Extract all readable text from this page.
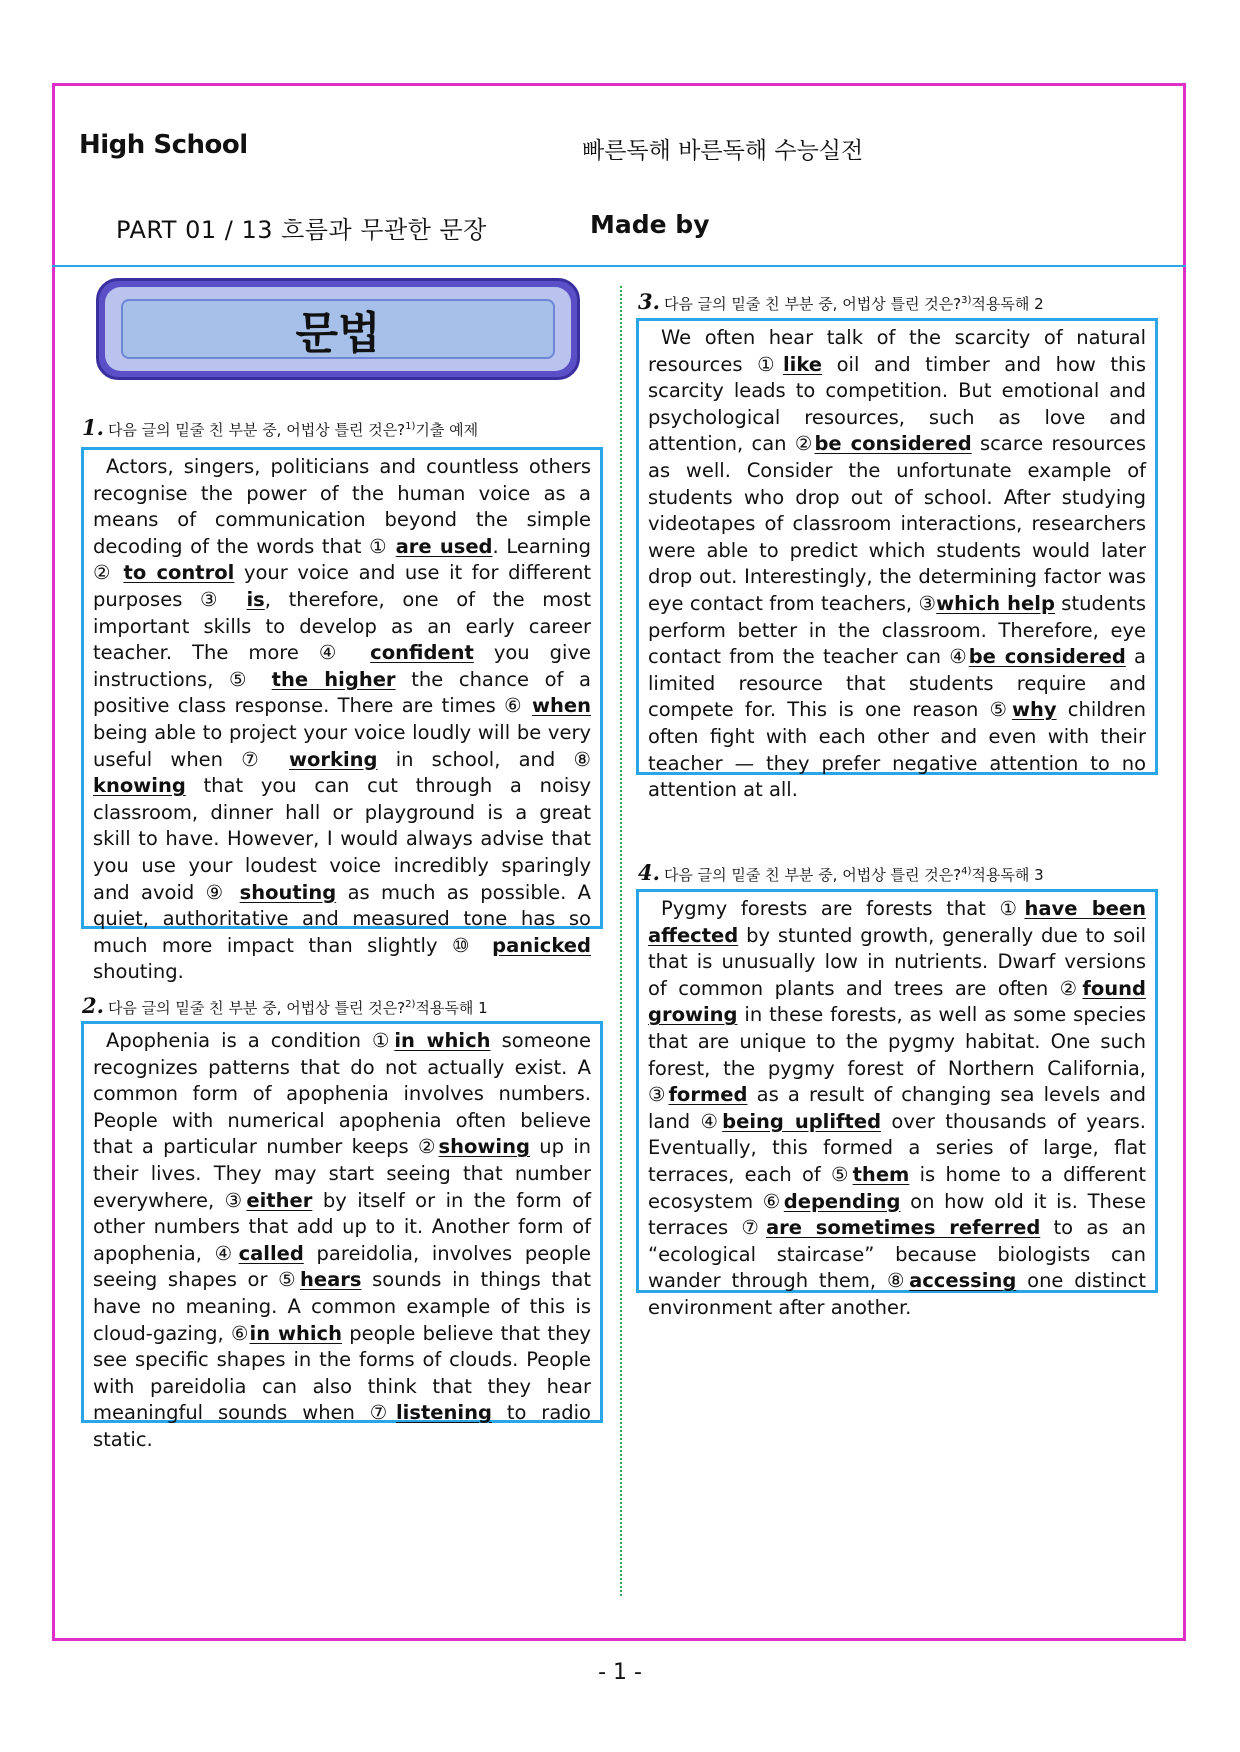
High School	빠른독해 바른독해 수능실전
PART 01 / 13 흐름과 무관한 문장	Made by
문법
1. 다음 글의 밑줄 친 부분 중, 어법상 틀린 것은?$^{1)}$기출 예제
Actors, singers, politicians and countless others recognise the power of the human voice as a means of communication beyond the simple decoding of the words that ① are used. Learning ② to control your voice and use it for different purposes ③ is, therefore, one of the most important skills to develop as an early career teacher. The more ④ confident you give instructions, ⑤ the higher the chance of a positive class response. There are times ⑥ when being able to project your voice loudly will be very useful when ⑦ working in school, and ⑧ knowing that you can cut through a noisy classroom, dinner hall or playground is a great skill to have. However, I would always advise that you use your loudest voice incredibly sparingly and avoid ⑨ shouting as much as possible. A quiet, authoritative and measured tone has so much more impact than slightly ⑩ panicked shouting.
2. 다음 글의 밑줄 친 부분 중, 어법상 틀린 것은?$^{2)}$적용독해 1
Apophenia is a condition ①in which someone recognizes patterns that do not actually exist. A common form of apophenia involves numbers. People with numerical apophenia often believe that a particular number keeps ②showing up in their lives. They may start seeing that number everywhere, ③either by itself or in the form of other numbers that add up to it. Another form of apophenia, ④called pareidolia, involves people seeing shapes or ⑤hears sounds in things that have no meaning. A common example of this is cloud-gazing, ⑥in which people believe that they see specific shapes in the forms of clouds. People with pareidolia can also think that they hear meaningful sounds when ⑦listening to radio static.
3. 다음 글의 밑줄 친 부분 중, 어법상 틀린 것은?$^{3)}$적용독해 2
We often hear talk of the scarcity of natural resources ①like oil and timber and how this scarcity leads to competition. But emotional and psychological resources, such as love and attention, can ②be considered scarce resources as well. Consider the unfortunate example of students who drop out of school. After studying videotapes of classroom interactions, researchers were able to predict which students would later drop out. Interestingly, the determining factor was eye contact from teachers, ③which help students perform better in the classroom. Therefore, eye contact from the teacher can ④be considered a limited resource that students require and compete for. This is one reason ⑤why children often fight with each other and even with their teacher — they prefer negative attention to no attention at all.
4. 다음 글의 밑줄 친 부분 중, 어법상 틀린 것은?$^{4)}$적용독해 3
Pygmy forests are forests that ①have been affected by stunted growth, generally due to soil that is unusually low in nutrients. Dwarf versions of common plants and trees are often ②found growing in these forests, as well as some species that are unique to the pygmy habitat. One such forest, the pygmy forest of Northern California, ③formed as a result of changing sea levels and land ④being uplifted over thousands of years. Eventually, this formed a series of large, flat terraces, each of ⑤them is home to a different ecosystem ⑥depending on how old it is. These terraces ⑦are sometimes referred to as an “ecological staircase” because biologists can wander through them, ⑧accessing one distinct environment after another.
- 1 -
